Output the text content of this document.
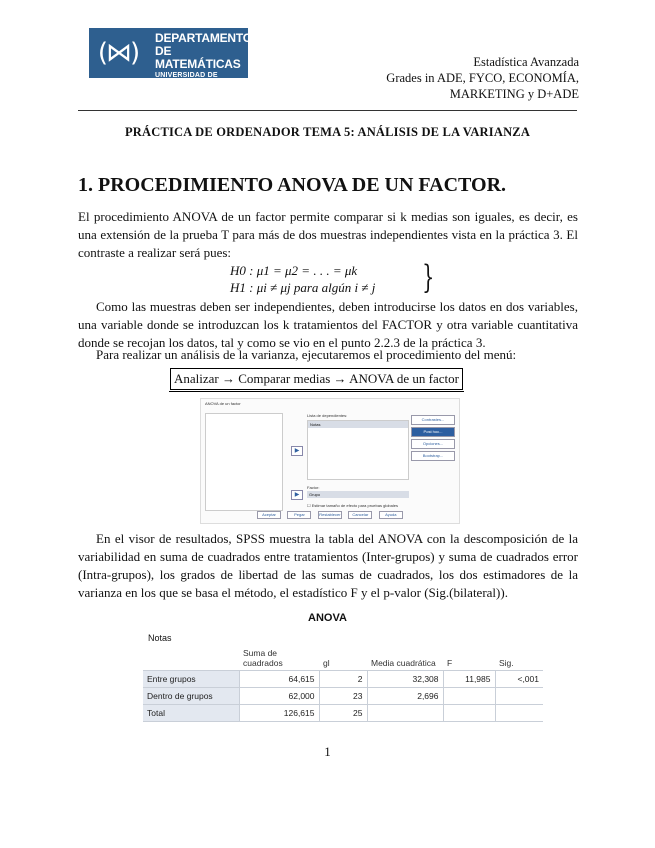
(⋈) DEPARTAMENTO
DE MATEMÁTICAS
UNIVERSIDAD DE ALMERÍA
Estadística Avanzada
Grades in ADE, FYCO, ECONOMÍA,
MARKETING y D+ADE
PRÁCTICA DE ORDENADOR TEMA 5: ANÁLISIS DE LA VARIANZA
1. PROCEDIMIENTO ANOVA DE UN FACTOR.
El procedimiento ANOVA de un factor permite comparar si k medias son iguales, es decir, es una extensión de la prueba T para más de dos muestras independientes vista en la práctica 3. El contraste a realizar será pues:
H0 : μ1 = μ2 = . . . = μk
H1 : μi ≠ μj para algún i ≠ j }
Como las muestras deben ser independientes, deben introducirse los datos en dos variables, una variable donde se introduzcan los k tratamientos del FACTOR y otra variable cuantitativa donde se recojan los datos, tal y como se vio en el punto 2.2.3 de la práctica 3.
Para realizar un análisis de la varianza, ejecutaremos el procedimiento del menú:
Analizar → Comparar medias → ANOVA de un factor
ANOVA de un factor
▶
▶
Lista de dependientes:
Notas
Factor:
Grupo
☐ Estimar tamaño de efecto para pruebas globales
Contrastes...
Post hoc...
Opciones...
Bootstrap...
Aceptar	Pegar	Restablecer	Cancelar	Ayuda
En el visor de resultados, SPSS muestra la tabla del ANOVA con la descomposición de la variabilidad en suma de cuadrados entre tratamientos (Inter-grupos) y suma de cuadrados error (Intra-grupos), los grados de libertad de las sumas de cuadrados, los dos estimadores de la varianza en los que se basa el método, el estadístico F y el p-valor (Sig.(bilateral)).
ANOVA
Notas
	Suma de cuadrados	gl	Media cuadrática	F	Sig.
Entre grupos	64,615	2	32,308	11,985	<,001
Dentro de grupos	62,000	23	2,696		
Total	126,615	25			
1
